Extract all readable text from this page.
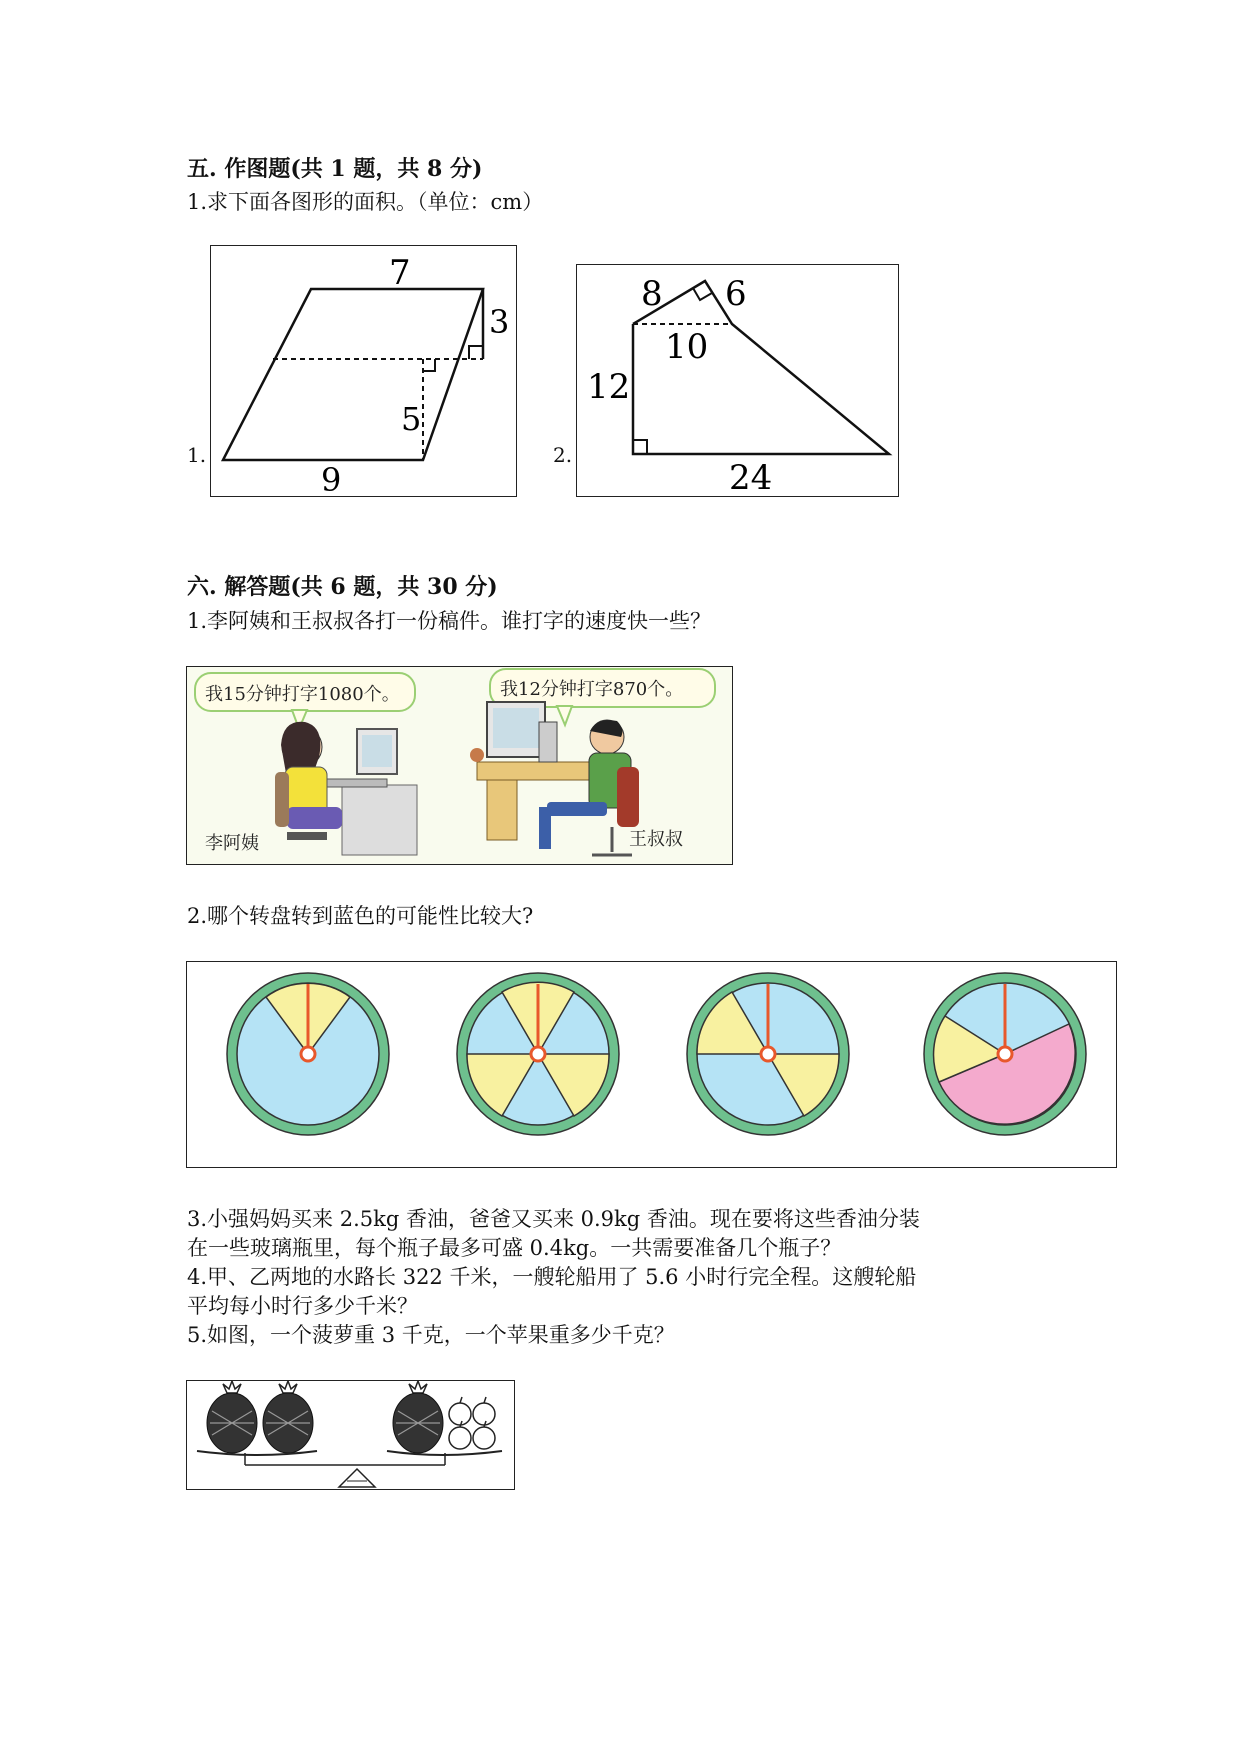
五. 作图题(共 1 题，共 8 分)
1.求下面各图形的面积。（单位：cm）
1.
7
3
5
9
2.
8 6
10
12
24
六. 解答题(共 6 题，共 30 分)
1.李阿姨和王叔叔各打一份稿件。谁打字的速度快一些？
我15分钟打字1080个。	我12分钟打字870个。
李阿姨	王叔叔
2.哪个转盘转到蓝色的可能性比较大?
3.小强妈妈买来 2.5kg 香油，爸爸又买来 0.9kg 香油。现在要将这些香油分装
在一些玻璃瓶里，每个瓶子最多可盛 0.4kg。一共需要准备几个瓶子？
4.甲、乙两地的水路长 322 千米，一艘轮船用了 5.6 小时行完全程。这艘轮船
平均每小时行多少千米？
5.如图，一个菠萝重 3 千克，一个苹果重多少千克？
